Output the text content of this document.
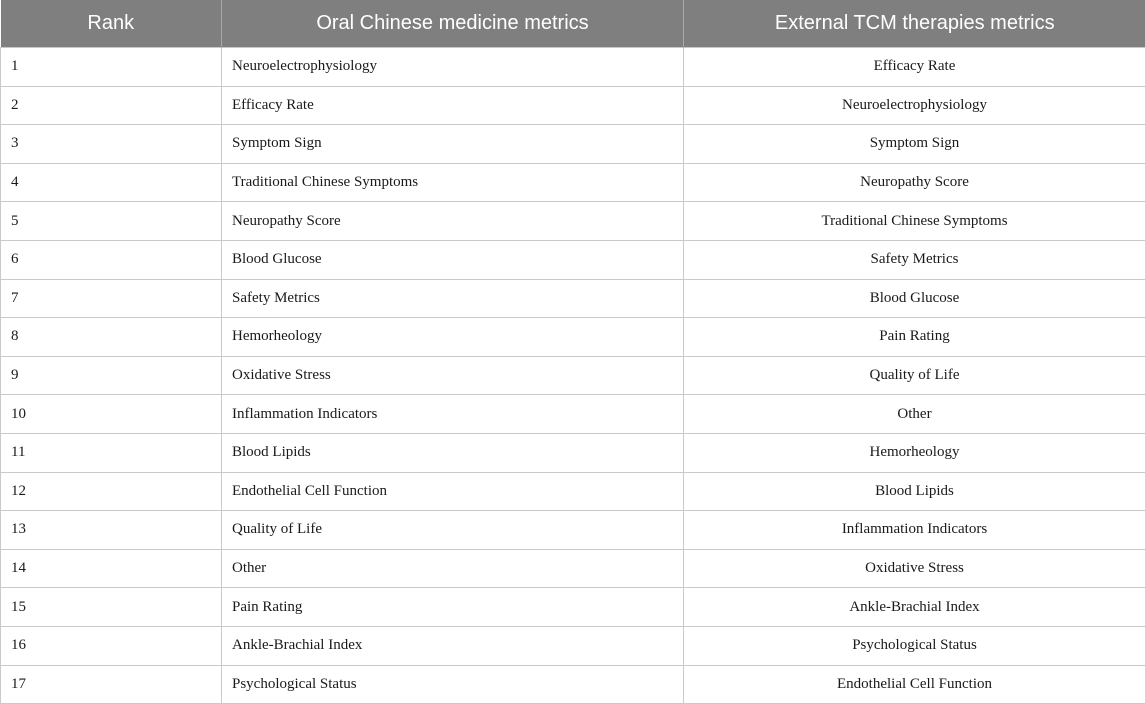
Rank	Oral Chinese medicine metrics	External TCM therapies metrics
1	Neuroelectrophysiology	Efficacy Rate
2	Efficacy Rate	Neuroelectrophysiology
3	Symptom Sign	Symptom Sign
4	Traditional Chinese Symptoms	Neuropathy Score
5	Neuropathy Score	Traditional Chinese Symptoms
6	Blood Glucose	Safety Metrics
7	Safety Metrics	Blood Glucose
8	Hemorheology	Pain Rating
9	Oxidative Stress	Quality of Life
10	Inflammation Indicators	Other
11	Blood Lipids	Hemorheology
12	Endothelial Cell Function	Blood Lipids
13	Quality of Life	Inflammation Indicators
14	Other	Oxidative Stress
15	Pain Rating	Ankle-Brachial Index
16	Ankle-Brachial Index	Psychological Status
17	Psychological Status	Endothelial Cell Function
